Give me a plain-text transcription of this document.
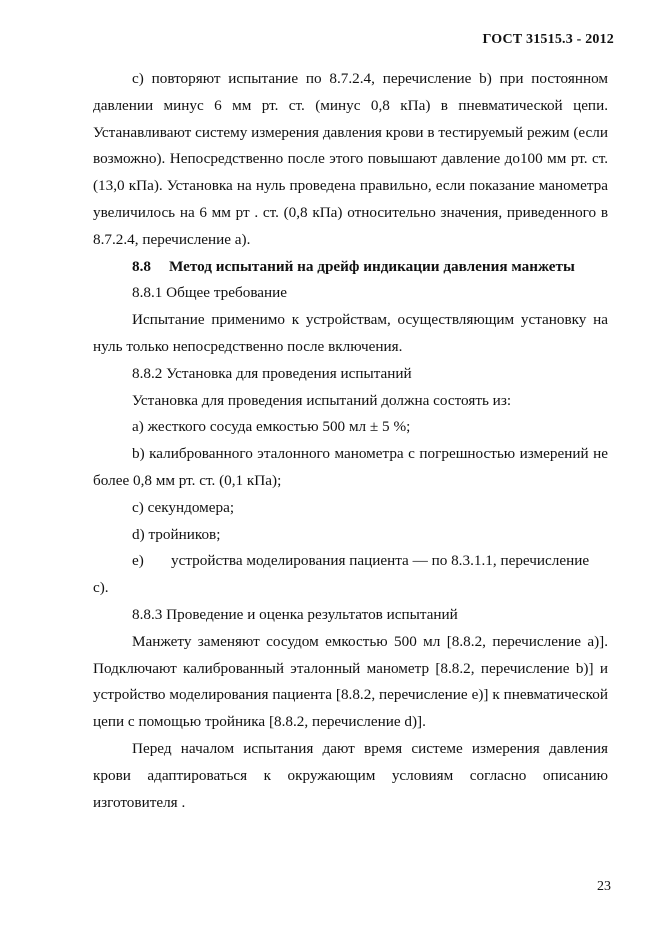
ГОСТ 31515.3 - 2012

c) повторяют испытание по 8.7.2.4, перечисление b) при постоянном давлении минус 6 мм рт. ст. (минус 0,8 кПа) в пневматической цепи. Устанавливают систему измерения давления крови в тестируемый режим (если возможно). Непосредственно после этого повышают давление до100 мм рт. ст. (13,0 кПа). Установка на нуль проведена правильно, если показание манометра увеличилось на 6 мм рт . ст. (0,8 кПа) относительно значения, приведенного в 8.7.2.4, перечисление а).

8.8 Метод испытаний на дрейф индикации давления манжеты

8.8.1 Общее требование

Испытание применимо к устройствам, осуществляющим установку на нуль только непосредственно после включения.

8.8.2 Установка для проведения испытаний

Установка для проведения испытаний должна состоять из:

а) жесткого сосуда емкостью 500 мл ± 5 %;

b) калиброванного эталонного манометра с погрешностью измерений не более 0,8 мм рт. ст. (0,1 кПа);

c) секундомера;

d) тройников;

e) устройства моделирования пациента — по 8.3.1.1, перечисление c).

8.8.3 Проведение и оценка результатов испытаний

Манжету заменяют сосудом емкостью 500 мл [8.8.2, перечисление а)]. Подключают калиброванный эталонный манометр [8.8.2, перечисление b)] и устройство моделирования пациента [8.8.2, перечисление е)] к пневматической цепи с помощью тройника [8.8.2, перечисление d)].

Перед началом испытания дают время системе измерения давления крови адаптироваться к окружающим условиям согласно описанию изготовителя .

23
